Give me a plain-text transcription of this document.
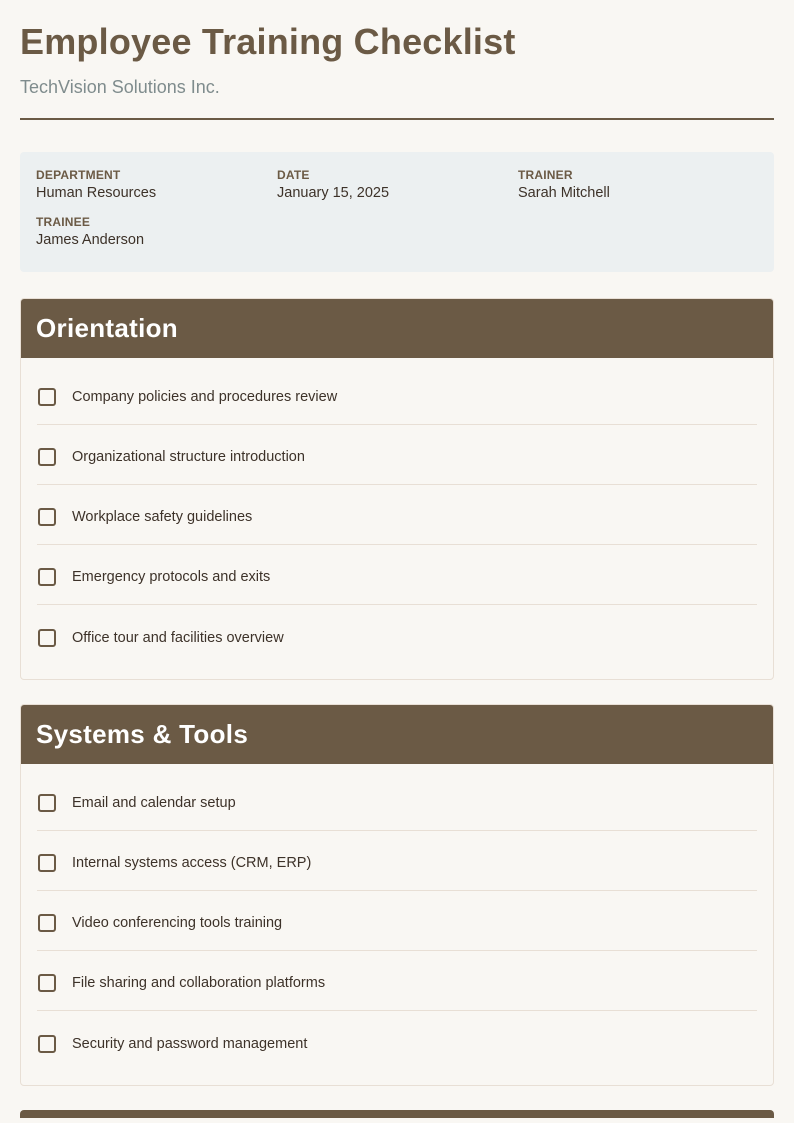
Employee Training Checklist
TechVision Solutions Inc.
DEPARTMENT
Human Resources
DATE
January 15, 2025
TRAINER
Sarah Mitchell
TRAINEE
James Anderson
Orientation
Company policies and procedures review
Organizational structure introduction
Workplace safety guidelines
Emergency protocols and exits
Office tour and facilities overview
Systems & Tools
Email and calendar setup
Internal systems access (CRM, ERP)
Video conferencing tools training
File sharing and collaboration platforms
Security and password management
